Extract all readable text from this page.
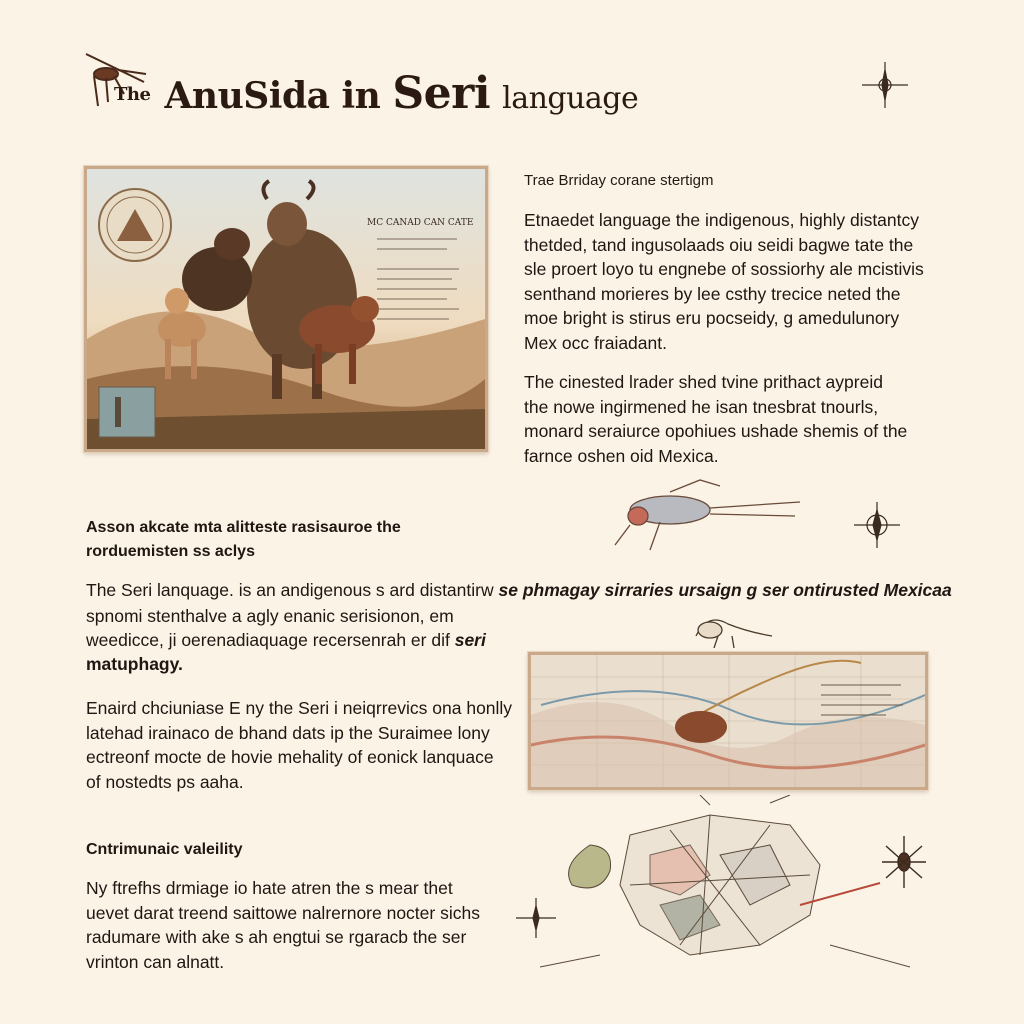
$^{The}$ AnuSida in Seri language
MC CANAD CAN CATE
Trae Brriday corane stertigm
Etnaedet language the indigenous, highly distantcy
thetded, tand ingusolaads oiu seidi bagwe tate the
sle proert loyo tu engnebe of sossiorhy ale mcistivis
senthand morieres by lee csthy trecice neted the
moe bright is stirus eru pocseidy, g amedulunory
Mex occ fraiadant.
The cinested lrader shed tvine prithact aypreid
the nowe ingirmened he isan tnesbrat tnourls,
monard seraiurce opohiues ushade shemis of the
farnce oshen oid Mexica.
Asson akcate mta alitteste rasisauroe the
rorduemisten ss aclys
The Seri lanquage. is an andigenous s ard distantirw se phmagay sirraries ursaign g ser ontirusted Mexicaa
spnomi stenthalve a agly enanic serisionon, em
weedicce, ji oerenadiaquage recersenrah er dif seri
matuphagy.
Enaird chciuniase E ny the Seri i neiqrrevics ona honlly
latehad irainaco de bhand dats ip the Suraimee lony
ectreonf mocte de hovie mehality of eonick lanquace
of nostedts ps aaha.
Cntrimunaic valeility
Ny ftrefhs drmiage io hate atren the s mear thet
uevet darat treend saittowe nalrernore nocter sichs
radumare with ake s ah engtui se rgaracb the ser
vrinton can alnatt.
